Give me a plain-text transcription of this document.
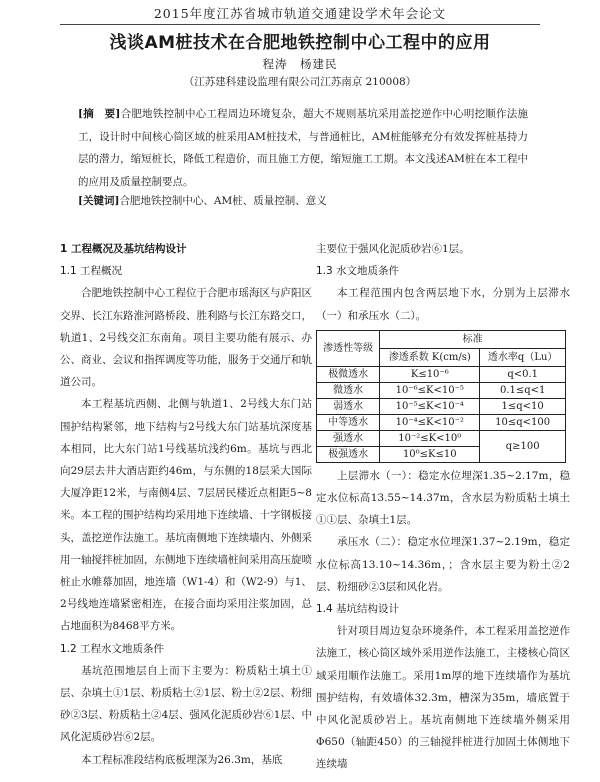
2015年度江苏省城市轨道交通建设学术年会论文
浅谈AM桩技术在合肥地铁控制中心工程中的应用
程涛　杨建民
（江苏建科建设监理有限公司江苏南京 210008）
[摘　要]合肥地铁控制中心工程周边环境复杂，超大不规则基坑采用盖挖逆作中心明挖顺作法施工，设计时中间核心筒区域的桩采用AM桩技术，与普通桩比，AM桩能够充分有效发挥桩基持力层的潜力，缩短桩长，降低工程造价，而且施工方便，缩短施工工期。本文浅述AM桩在本工程中的应用及质量控制要点。
[关键词]合肥地铁控制中心、AM桩、质量控制、意义
1 工程概况及基坑结构设计
1.1 工程概况
合肥地铁控制中心工程位于合肥市瑶海区与庐阳区交界、长江东路淮河路桥段、胜利路与长江东路交口，轨道1、2号线交汇东南角。项目主要功能有展示、办公、商业、会议和指挥调度等功能，服务于交通厅和轨道公司。
本工程基坑西侧、北侧与轨道1、2号线大东门站围护结构紧邻，地下结构与2号线大东门站基坑深度基本相同，比大东门站1号线基坑浅约6m。基坑与西北向29层去井大酒店距约46m，与东侧的18层采大国际大厦净距12米，与南侧4层、7层居民楼近点相距5~8米。本工程的围护结构均采用地下连续墙、十字钢板接头，盖挖逆作法施工。基坑南侧地下连续墙内、外侧采用一轴搅拌桩加固，东侧地下连续墙桩间采用高压旋喷桩止水帷幕加固，地连墙（W1-4）和（W2-9）与1、2号线地连墙紧密相连，在接合面均采用注浆加固，总占地面积为8468平方米。
1.2 工程水文地质条件
基坑范围地层自上而下主要为：粉质粘土填土①层、杂填土①1层、粉质粘土②1层、粉土②2层、粉细砂②3层、粉质粘土②4层、强风化泥质砂岩⑥1层、中风化泥质砂岩⑥2层。
本工程标准段结构底板埋深为26.3m，基底
主要位于强风化泥质砂岩⑥1层。
1.3 水文地质条件
本工程范围内包含两层地下水，分别为上层滞水（一）和承压水（二）。
渗透性等级	标准	
	渗透系数 K(cm/s)	透水率q（Lu）
极微透水	K≤10⁻⁶	q<0.1
微透水	10⁻⁶≤K<10⁻⁵	0.1≤q<1
弱透水	10⁻⁵≤K<10⁻⁴	1≤q<10
中等透水	10⁻⁴≤K<10⁻²	10≤q<100
强透水	10⁻²≤K<10⁰	q≥100
极强透水	10⁰≤K≤10	
上层滞水（一）：稳定水位埋深1.35~2.17m，稳定水位标高13.55~14.37m，含水层为粉质粘土填土①①层、杂填土1层。
承压水（二）：稳定水位埋深1.37~2.19m，稳定水位标高13.10~14.36m，；含水层主要为粉土②2层、粉细砂②3层和风化岩。
1.4 基坑结构设计
针对项目周边复杂环境条件，本工程采用盖挖逆作法施工，核心筒区域外采用逆作法施工，主楼核心筒区域采用顺作法施工。采用1m厚的地下连续墙作为基坑围护结构，有效墙体32.3m，槽深为35m，墙底置于中风化泥质砂岩上。基坑南侧地下连续墙外侧采用Φ650（轴距450）的三轴搅拌桩进行加固土体侧地下连续墙
